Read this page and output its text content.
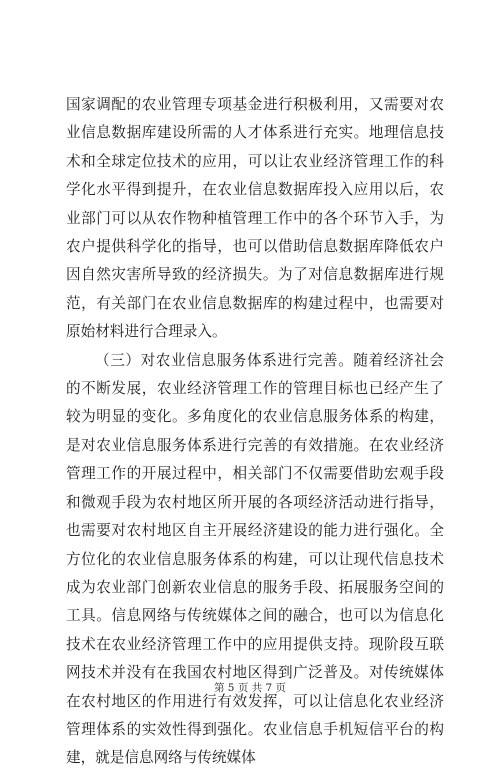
国家调配的农业管理专项基金进行积极利用，又需要对农业信息数据库建设所需的人才体系进行充实。地理信息技术和全球定位技术的应用，可以让农业经济管理工作的科学化水平得到提升，在农业信息数据库投入应用以后，农业部门可以从农作物种植管理工作中的各个环节入手，为农户提供科学化的指导，也可以借助信息数据库降低农户因自然灾害所导致的经济损失。为了对信息数据库进行规范，有关部门在农业信息数据库的构建过程中，也需要对原始材料进行合理录入。

（三）对农业信息服务体系进行完善。随着经济社会的不断发展，农业经济管理工作的管理目标也已经产生了较为明显的变化。多角度化的农业信息服务体系的构建，是对农业信息服务体系进行完善的有效措施。在农业经济管理工作的开展过程中，相关部门不仅需要借助宏观手段和微观手段为农村地区所开展的各项经济活动进行指导，也需要对农村地区自主开展经济建设的能力进行强化。全方位化的农业信息服务体系的构建，可以让现代信息技术成为农业部门创新农业信息的服务手段、拓展服务空间的工具。信息网络与传统媒体之间的融合，也可以为信息化技术在农业经济管理工作中的应用提供支持。现阶段互联网技术并没有在我国农村地区得到广泛普及。对传统媒体在农村地区的作用进行有效发挥，可以让信息化农业经济管理体系的实效性得到强化。农业信息手机短信平台的构建，就是信息网络与传统媒体

第 5 页 共 7 页
